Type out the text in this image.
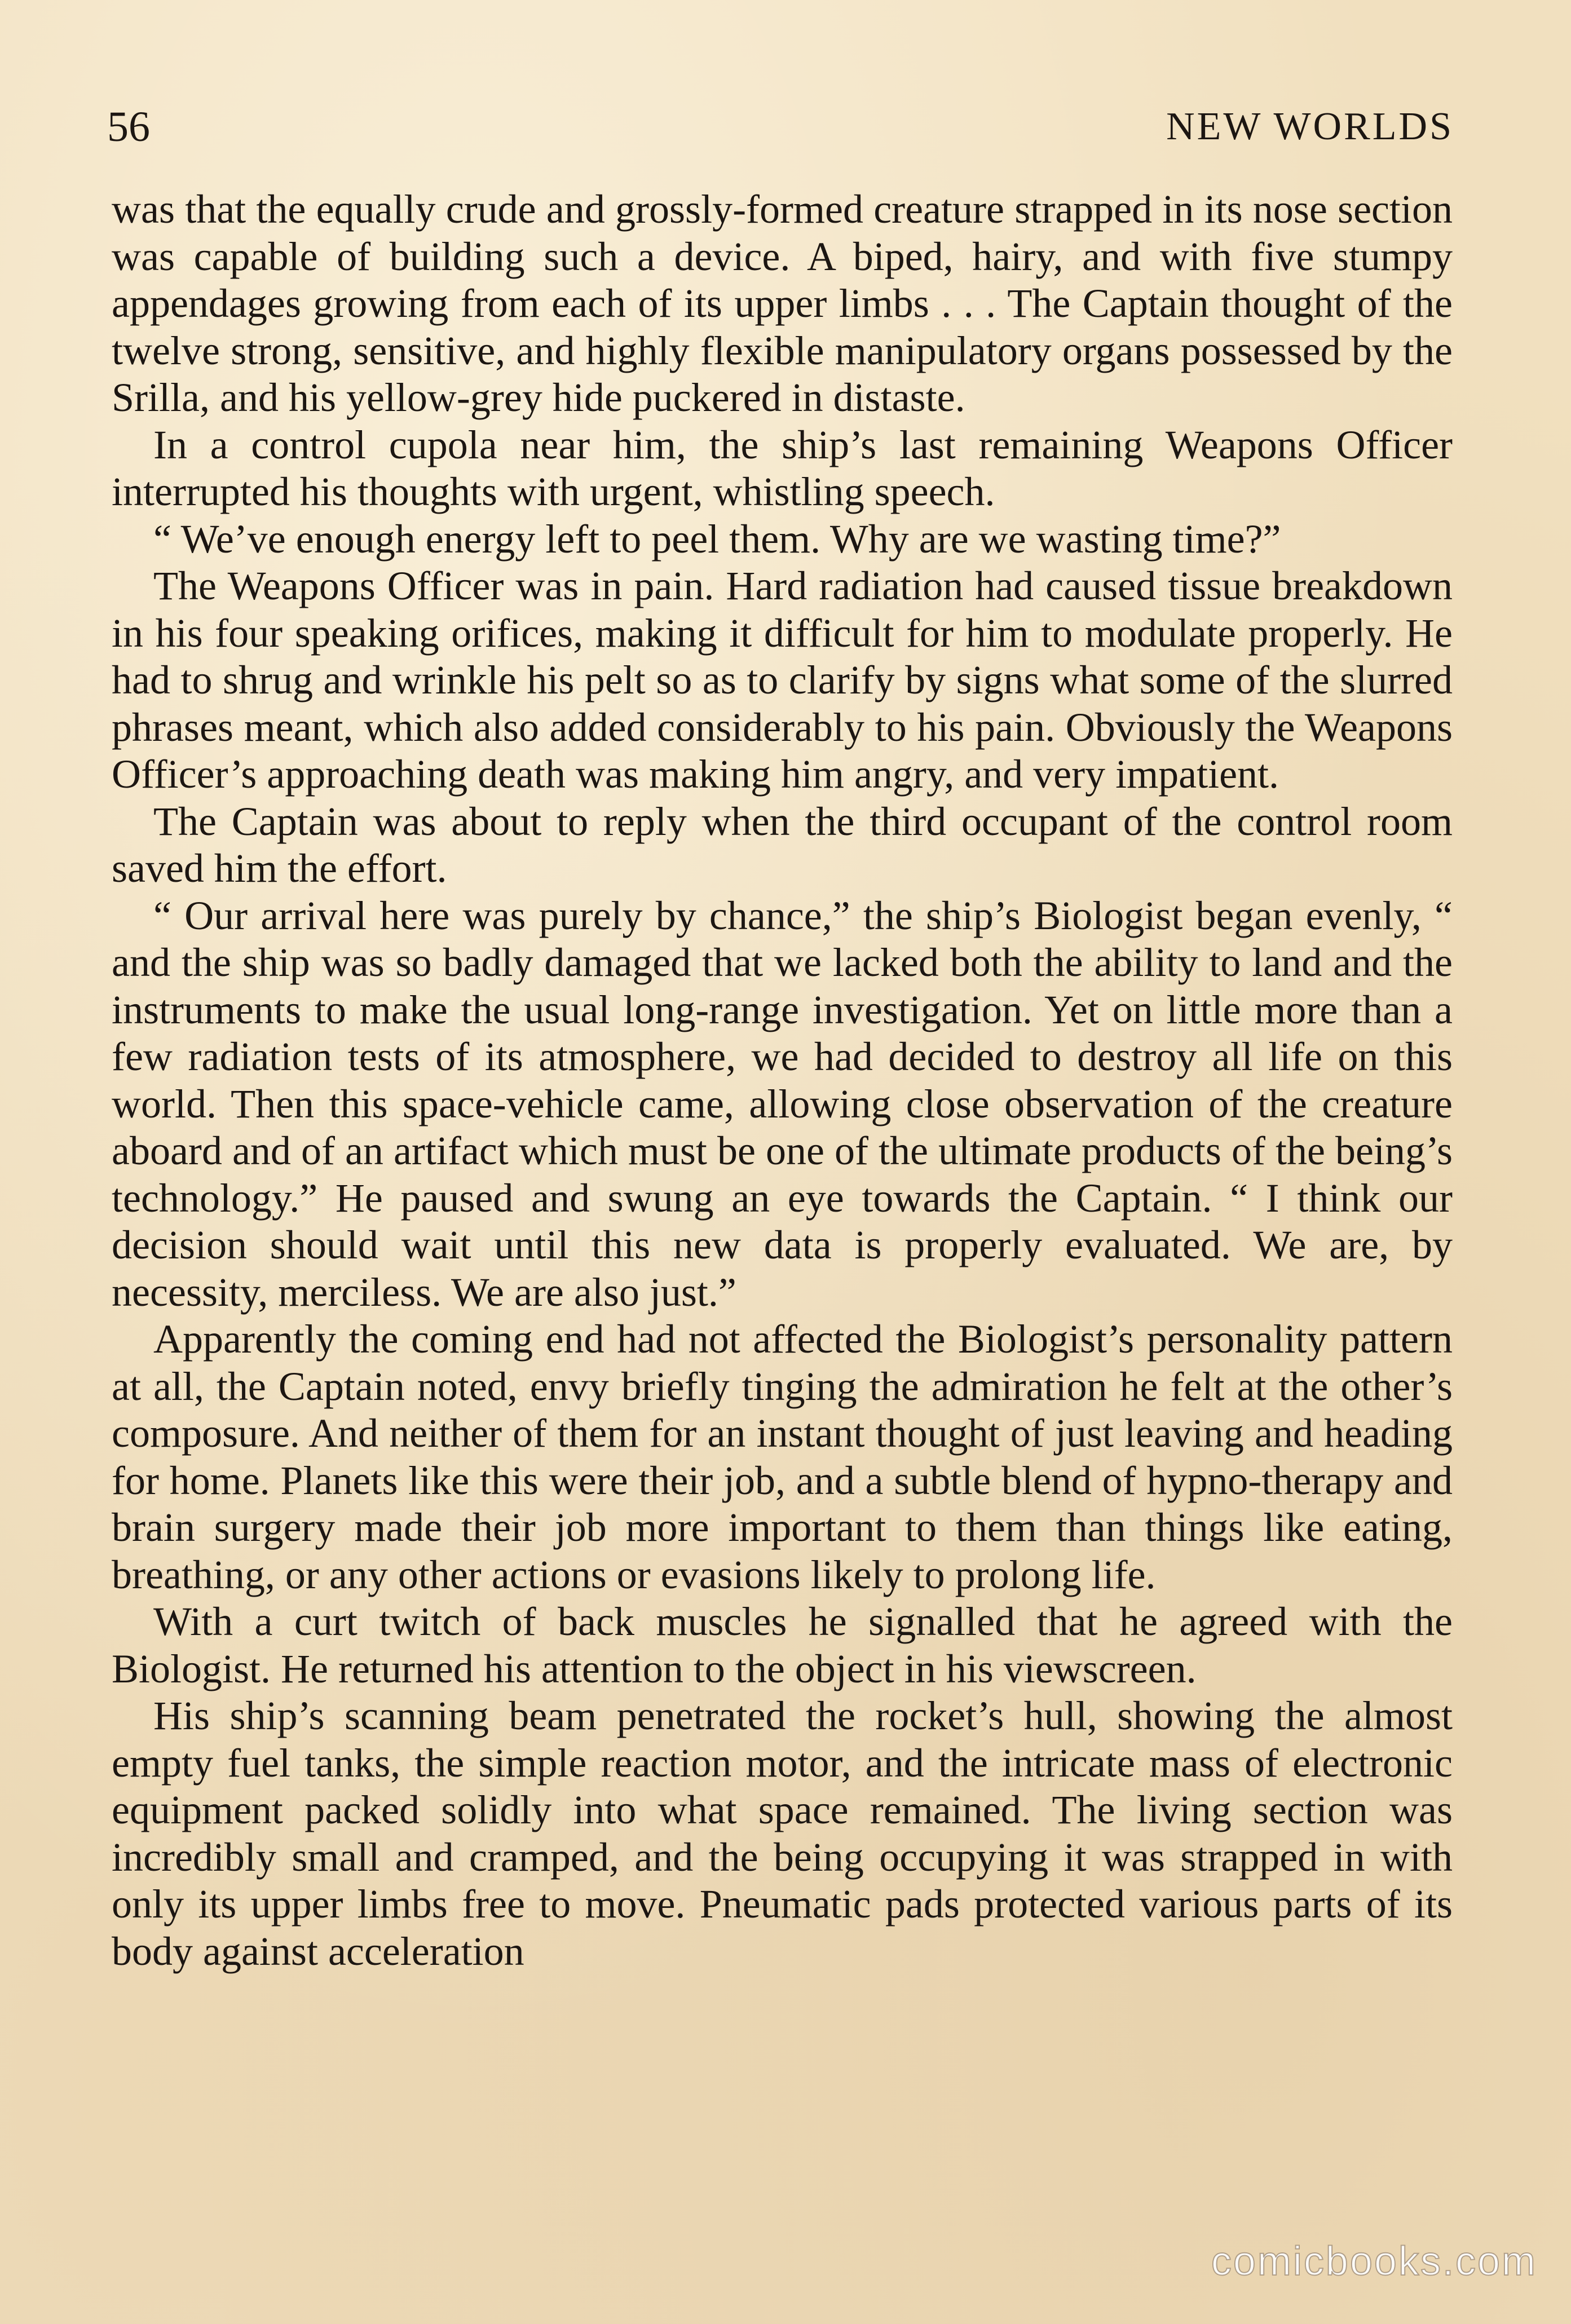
56	NEW WORLDS

was that the equally crude and grossly-formed creature strapped in its nose section was capable of building such a device. A biped, hairy, and with five stumpy appendages growing from each of its upper limbs . . . The Captain thought of the twelve strong, sensitive, and highly flexible manipulatory organs possessed by the Srilla, and his yellow-grey hide puckered in distaste.

In a control cupola near him, the ship’s last remaining Weapons Officer interrupted his thoughts with urgent, whistling speech.

“ We’ve enough energy left to peel them. Why are we wasting time?”

The Weapons Officer was in pain. Hard radiation had caused tissue breakdown in his four speaking orifices, making it difficult for him to modulate properly. He had to shrug and wrinkle his pelt so as to clarify by signs what some of the slurred phrases meant, which also added considerably to his pain. Obviously the Weapons Officer’s approaching death was making him angry, and very impatient.

The Captain was about to reply when the third occupant of the control room saved him the effort.

“ Our arrival here was purely by chance,” the ship’s Biologist began evenly, “ and the ship was so badly damaged that we lacked both the ability to land and the instruments to make the usual long-range investigation. Yet on little more than a few radiation tests of its atmosphere, we had decided to destroy all life on this world. Then this space-vehicle came, allowing close observation of the creature aboard and of an artifact which must be one of the ultimate products of the being’s technology.” He paused and swung an eye towards the Captain. “ I think our decision should wait until this new data is properly evaluated. We are, by necessity, merciless. We are also just.”

Apparently the coming end had not affected the Biologist’s personality pattern at all, the Captain noted, envy briefly tinging the admiration he felt at the other’s composure. And neither of them for an instant thought of just leaving and heading for home. Planets like this were their job, and a subtle blend of hypno-therapy and brain surgery made their job more important to them than things like eating, breathing, or any other actions or evasions likely to prolong life.

With a curt twitch of back muscles he signalled that he agreed with the Biologist. He returned his attention to the object in his viewscreen.

His ship’s scanning beam penetrated the rocket’s hull, showing the almost empty fuel tanks, the simple reaction motor, and the intricate mass of electronic equipment packed solidly into what space remained. The living section was incredibly small and cramped, and the being occupying it was strapped in with only its upper limbs free to move. Pneumatic pads protected various parts of its body against acceleration

comicbooks.com
